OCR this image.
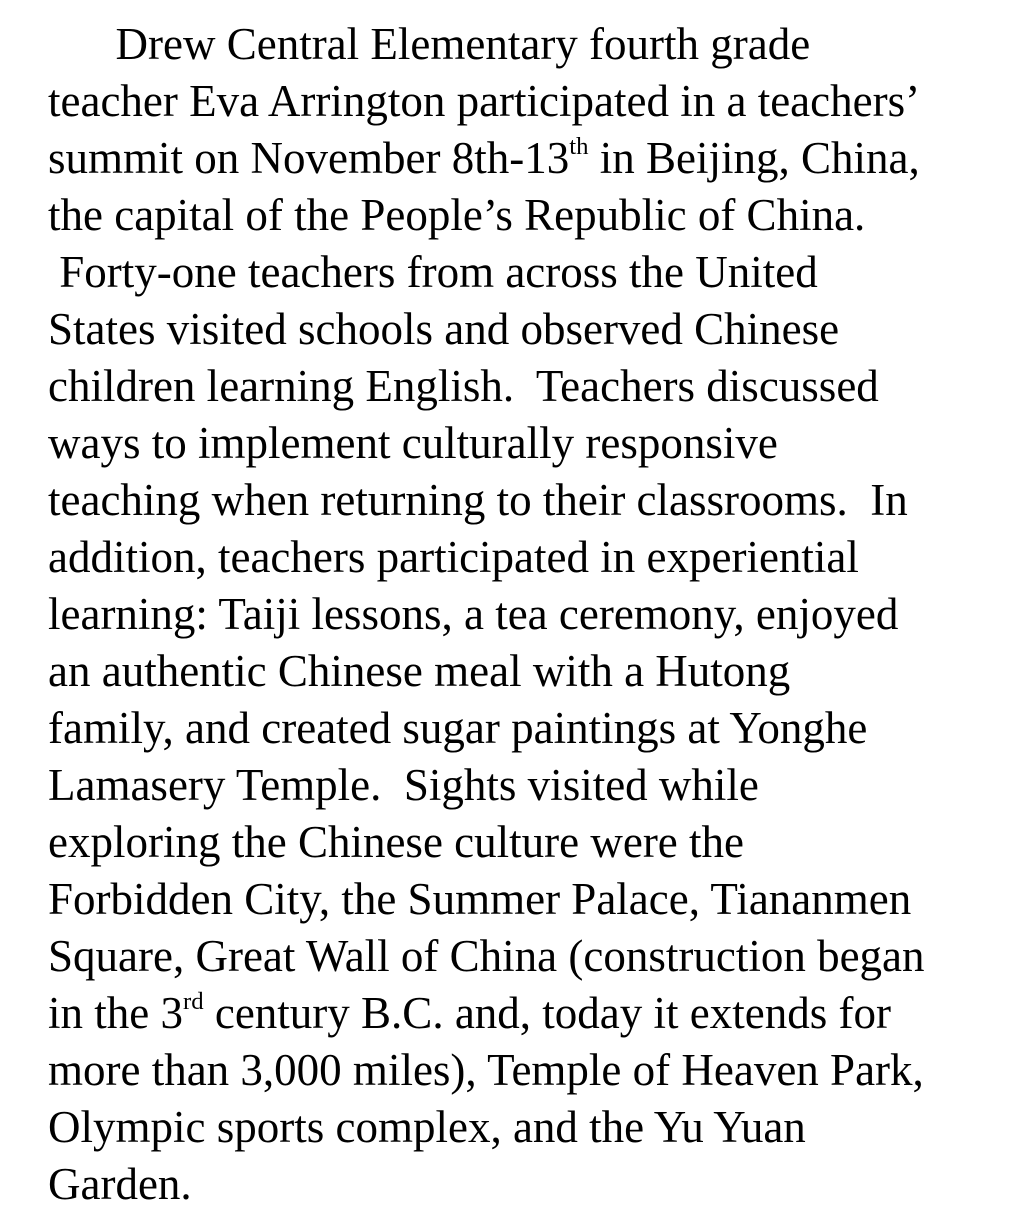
Drew Central Elementary fourth grade
teacher Eva Arrington participated in a teachers’
summit on November 8th-13th in Beijing, China,
the capital of the People’s Republic of China.
Forty-one teachers from across the United
States visited schools and observed Chinese
children learning English.  Teachers discussed
ways to implement culturally responsive
teaching when returning to their classrooms.  In
addition, teachers participated in experiential
learning: Taiji lessons, a tea ceremony, enjoyed
an authentic Chinese meal with a Hutong
family, and created sugar paintings at Yonghe
Lamasery Temple.  Sights visited while
exploring the Chinese culture were the
Forbidden City, the Summer Palace, Tiananmen
Square, Great Wall of China (construction began
in the 3rd century B.C. and, today it extends for
more than 3,000 miles), Temple of Heaven Park,
Olympic sports complex, and the Yu Yuan
Garden.
